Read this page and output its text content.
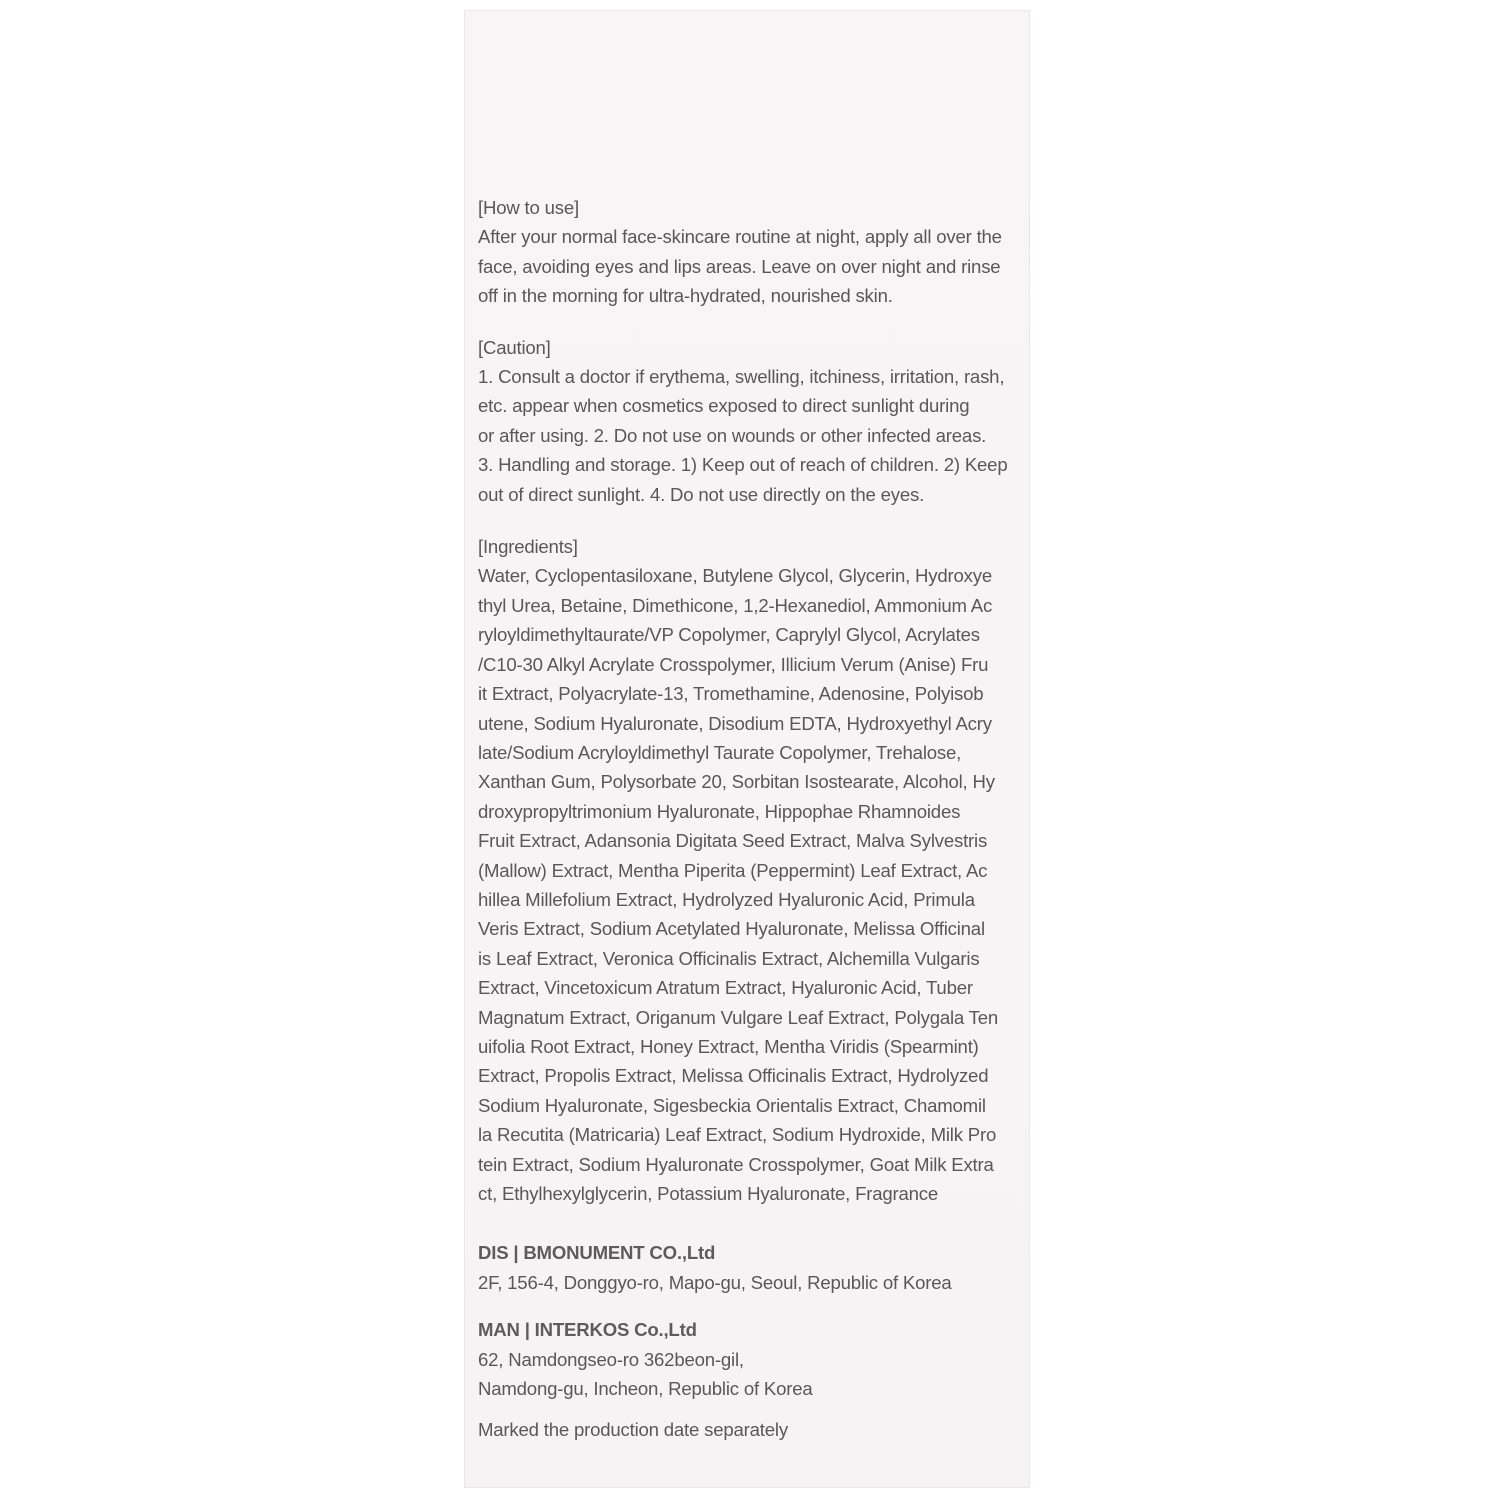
[How to use]
After your normal face-skincare routine at night, apply all over the
face, avoiding eyes and lips areas. Leave on over night and rinse
off in the morning for ultra-hydrated, nourished skin.
[Caution]
1. Consult a doctor if erythema, swelling, itchiness, irritation, rash,
etc. appear when cosmetics exposed to direct sunlight during
or after using. 2. Do not use on wounds or other infected areas.
3. Handling and storage. 1) Keep out of reach of children. 2) Keep
out of direct sunlight. 4. Do not use directly on the eyes.
[Ingredients]
Water, Cyclopentasiloxane, Butylene Glycol, Glycerin, Hydroxye
thyl Urea, Betaine, Dimethicone, 1,2-Hexanediol, Ammonium Ac
ryloyldimethyltaurate/VP Copolymer, Caprylyl Glycol, Acrylates
/C10-30 Alkyl Acrylate Crosspolymer, Illicium Verum (Anise) Fru
it Extract, Polyacrylate-13, Tromethamine, Adenosine, Polyisob
utene, Sodium Hyaluronate, Disodium EDTA, Hydroxyethyl Acry
late/Sodium Acryloyldimethyl Taurate Copolymer, Trehalose,
Xanthan Gum, Polysorbate 20, Sorbitan Isostearate, Alcohol, Hy
droxypropyltrimonium Hyaluronate, Hippophae Rhamnoides
Fruit Extract, Adansonia Digitata Seed Extract, Malva Sylvestris
(Mallow) Extract, Mentha Piperita (Peppermint) Leaf Extract, Ac
hillea Millefolium Extract, Hydrolyzed Hyaluronic Acid, Primula
Veris Extract, Sodium Acetylated Hyaluronate, Melissa Officinal
is Leaf Extract, Veronica Officinalis Extract, Alchemilla Vulgaris
Extract, Vincetoxicum Atratum Extract, Hyaluronic Acid, Tuber
Magnatum Extract, Origanum Vulgare Leaf Extract, Polygala Ten
uifolia Root Extract, Honey Extract, Mentha Viridis (Spearmint)
Extract, Propolis Extract, Melissa Officinalis Extract, Hydrolyzed
Sodium Hyaluronate, Sigesbeckia Orientalis Extract, Chamomil
la Recutita (Matricaria) Leaf Extract, Sodium Hydroxide, Milk Pro
tein Extract, Sodium Hyaluronate Crosspolymer, Goat Milk Extra
ct, Ethylhexylglycerin, Potassium Hyaluronate, Fragrance
DIS | BMONUMENT CO.,Ltd
2F, 156-4, Donggyo-ro, Mapo-gu, Seoul, Republic of Korea
MAN | INTERKOS Co.,Ltd
62, Namdongseo-ro 362beon-gil,
Namdong-gu, Incheon, Republic of Korea
Marked the production date separately
